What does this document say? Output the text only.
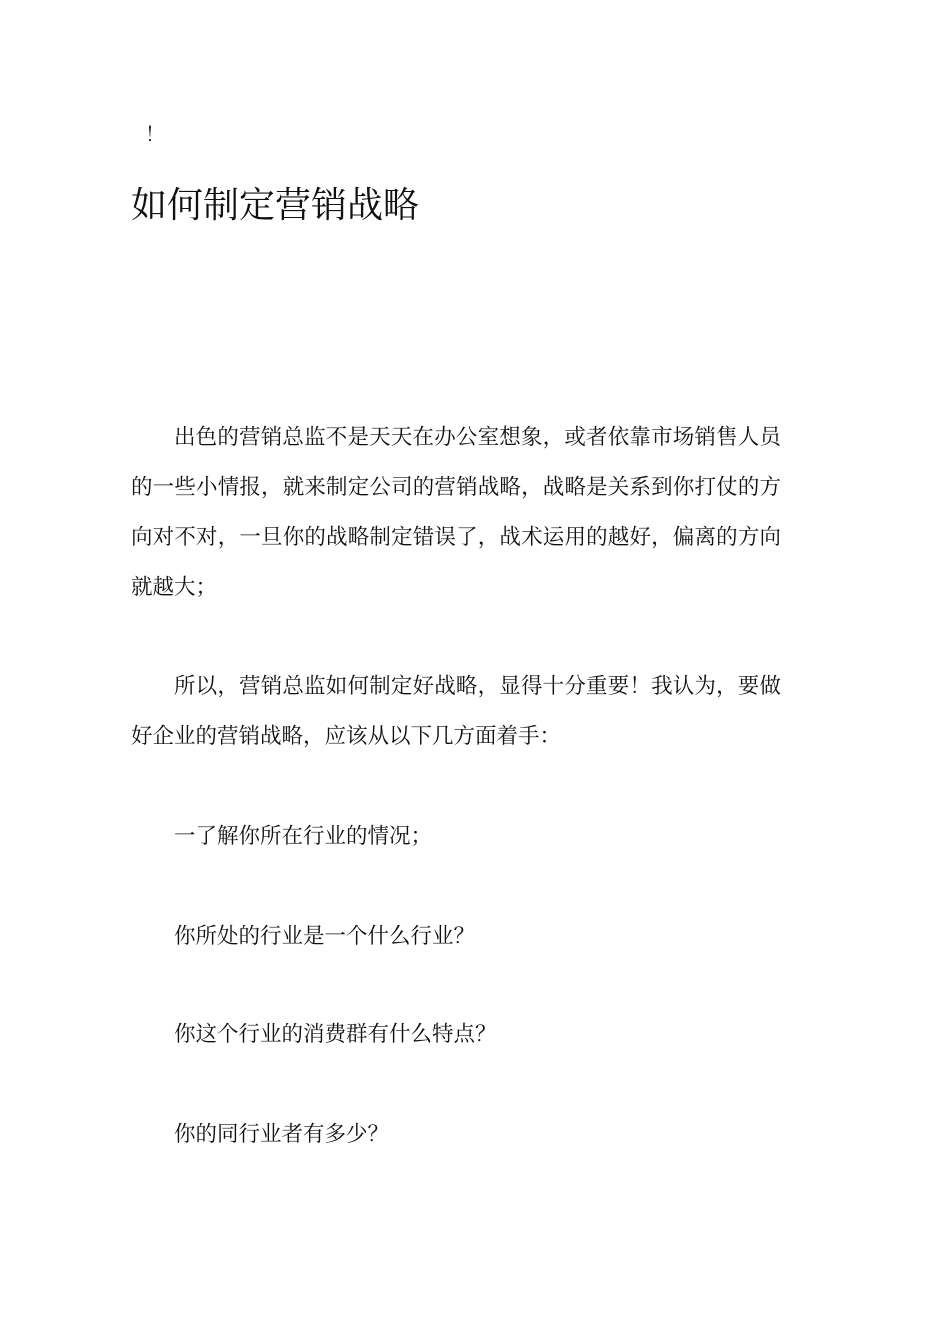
！
如何制定营销战略

出色的营销总监不是天天在办公室想象，或者依靠市场销售人员的一些小情报，就来制定公司的营销战略，战略是关系到你打仗的方向对不对，一旦你的战略制定错误了，战术运用的越好，偏离的方向就越大；

所以，营销总监如何制定好战略，显得十分重要！我认为，要做好企业的营销战略，应该从以下几方面着手：

一了解你所在行业的情况；

你所处的行业是一个什么行业？

你这个行业的消费群有什么特点？

你的同行业者有多少？
